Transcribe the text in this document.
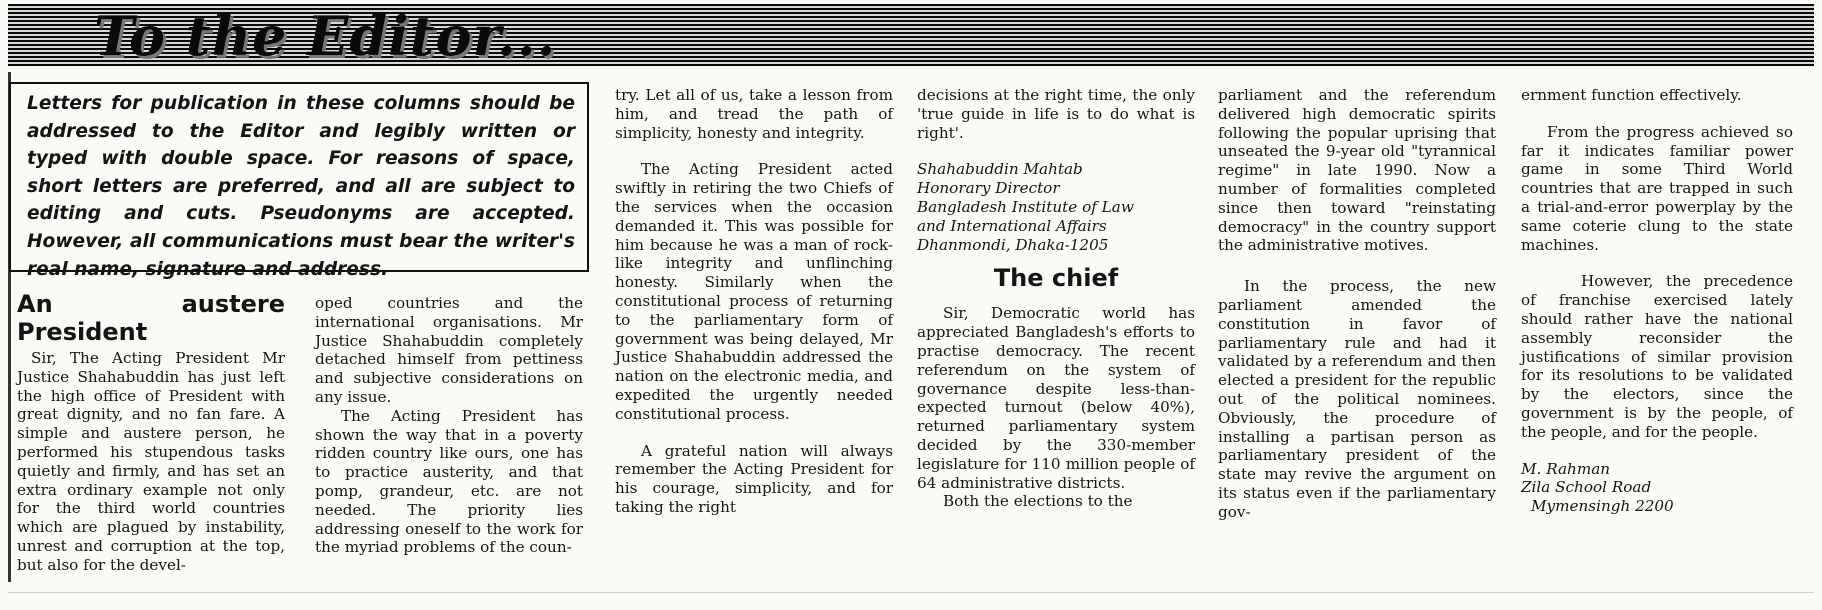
To the Editor...
Letters for publication in these columns should be addressed to the Editor and legibly written or typed with double space. For reasons of space, short letters are preferred, and all are subject to editing and cuts. Pseudonyms are accepted. However, all communications must bear the writer's real name, signature and address.
An austere President

Sir, The Acting President Mr Justice Shahabuddin has just left the high office of President with great dignity, and no fan fare. A simple and austere person, he performed his stupendous tasks quietly and firmly, and has set an extra ordinary example not only for the third world countries which are plagued by instability, unrest and corruption at the top, but also for the devel-

oped countries and the international organisations. Mr Justice Shahabuddin completely detached himself from pettiness and subjective considerations on any issue.

The Acting President has shown the way that in a poverty ridden country like ours, one has to practice austerity, and that pomp, grandeur, etc. are not needed. The priority lies addressing oneself to the work for the myriad problems of the coun-

try. Let all of us, take a lesson from him, and tread the path of simplicity, honesty and integrity.

The Acting President acted swiftly in retiring the two Chiefs of the services when the occasion demanded it. This was possible for him because he was a man of rock-like integrity and unflinching honesty. Similarly when the constitutional process of returning to the parliamentary form of government was being delayed, Mr Justice Shahabuddin addressed the nation on the electronic media, and expedited the urgently needed constitutional process.

A grateful nation will always remember the Acting President for his courage, simplicity, and for taking the right

decisions at the right time, the only 'true guide in life is to do what is right'.

Shahabuddin Mahtab
Honorary Director
Bangladesh Institute of Law
and International Affairs
Dhanmondi, Dhaka-1205
The chief

Sir, Democratic world has appreciated Bangladesh's efforts to practise democracy. The recent referendum on the system of governance despite less-than-expected turnout (below 40%), returned parliamentary system decided by the 330-member legislature for 110 million people of 64 administrative districts.

Both the elections to the

parliament and the referendum delivered high democratic spirits following the popular uprising that unseated the 9-year old "tyrannical regime" in late 1990. Now a number of formalities completed since then toward "reinstating democracy" in the country support the administrative motives.

In the process, the new parliament amended the constitution in favor of parliamentary rule and had it validated by a referendum and then elected a president for the republic out of the political nominees. Obviously, the procedure of installing a partisan person as parliamentary president of the state may revive the argument on its status even if the parliamentary gov-

ernment function effectively.

From the progress achieved so far it indicates familiar power game in some Third World countries that are trapped in such a trial-and-error powerplay by the same coterie clung to the state machines.

However, the precedence of franchise exercised lately should rather have the national assembly reconsider the justifications of similar provision for its resolutions to be validated by the electors, since the government is by the people, of the people, and for the people.

M. Rahman
Zila School Road
Mymensingh 2200
